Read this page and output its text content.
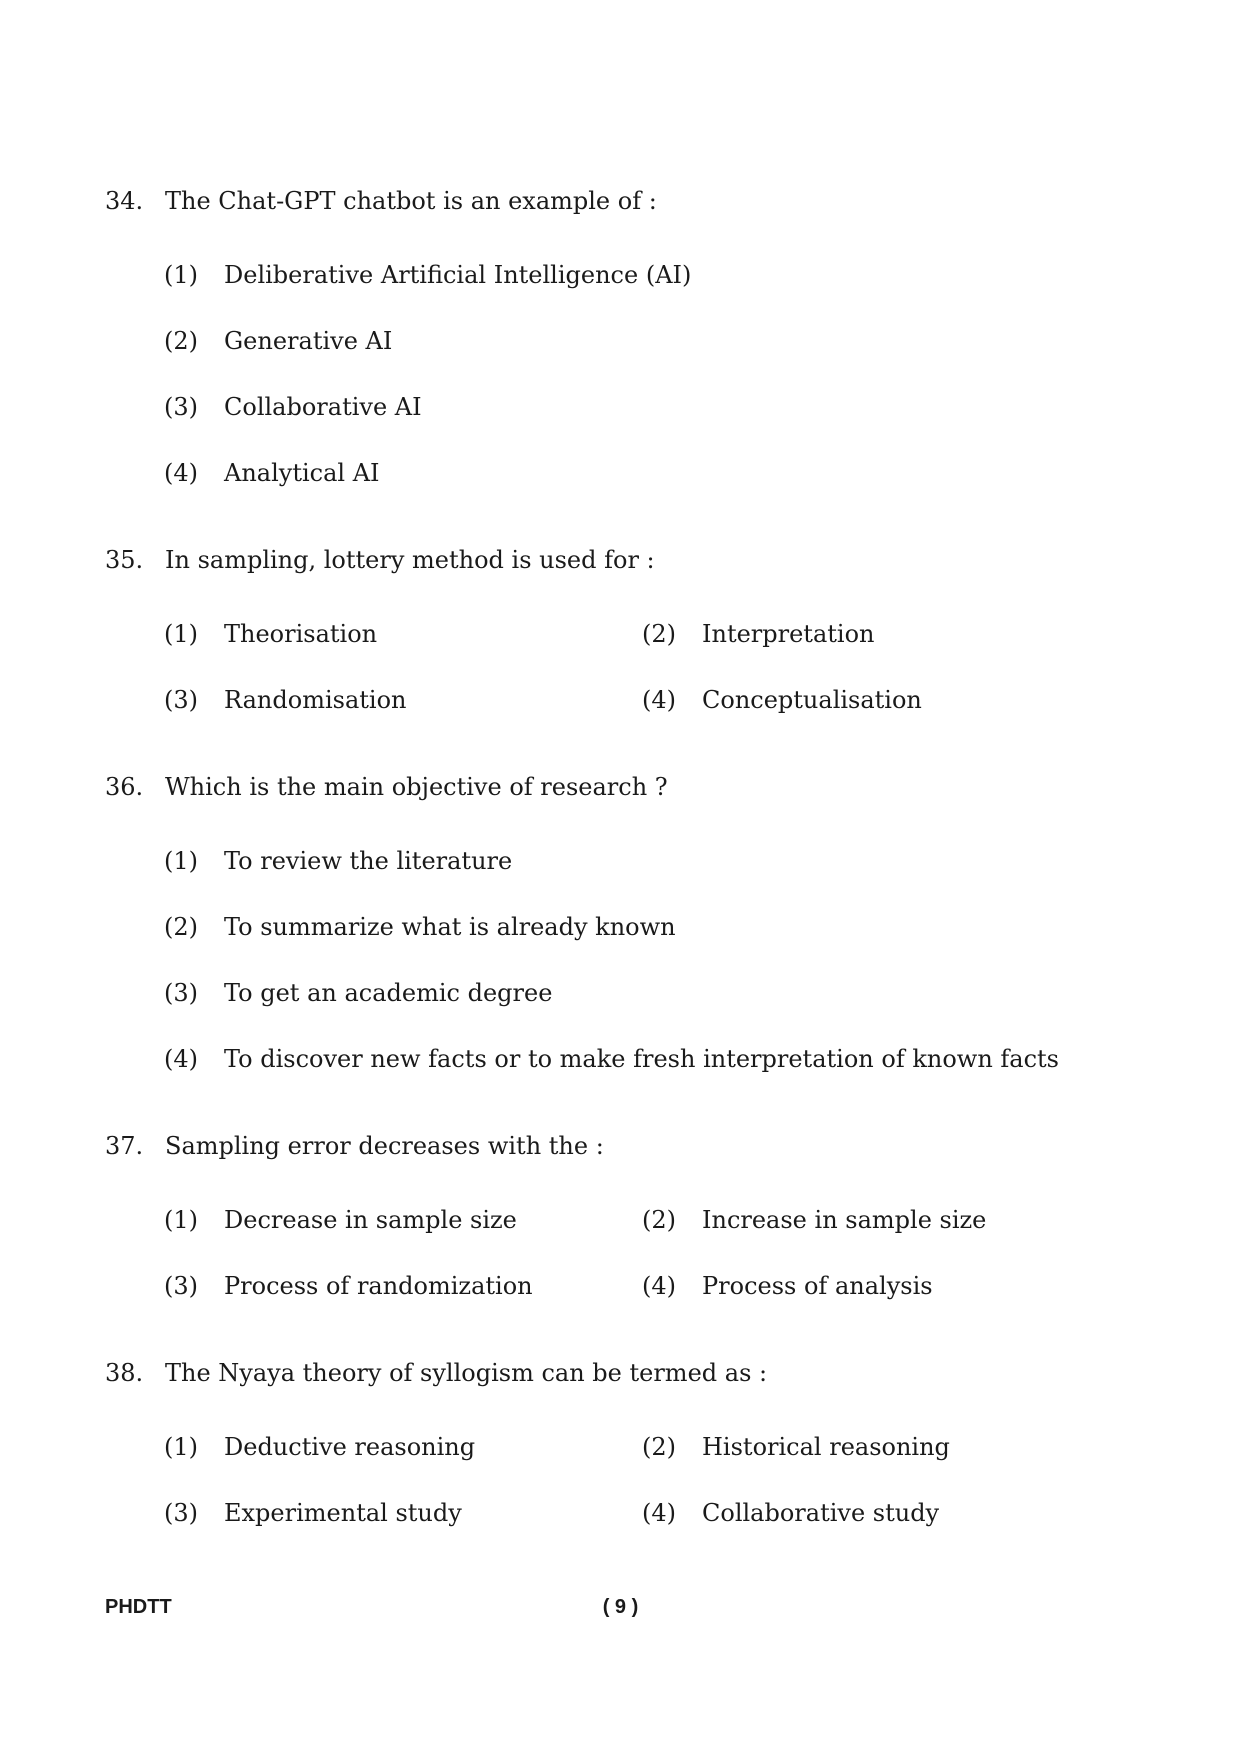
34. The Chat-GPT chatbot is an example of :
(1) Deliberative Artificial Intelligence (AI)
(2) Generative AI
(3) Collaborative AI
(4) Analytical AI
35. In sampling, lottery method is used for :
(1) Theorisation	(2) Interpretation
(3) Randomisation	(4) Conceptualisation
36. Which is the main objective of research ?
(1) To review the literature
(2) To summarize what is already known
(3) To get an academic degree
(4) To discover new facts or to make fresh interpretation of known facts
37. Sampling error decreases with the :
(1) Decrease in sample size	(2) Increase in sample size
(3) Process of randomization	(4) Process of analysis
38. The Nyaya theory of syllogism can be termed as :
(1) Deductive reasoning	(2) Historical reasoning
(3) Experimental study	(4) Collaborative study
PHDTT	( 9 )
